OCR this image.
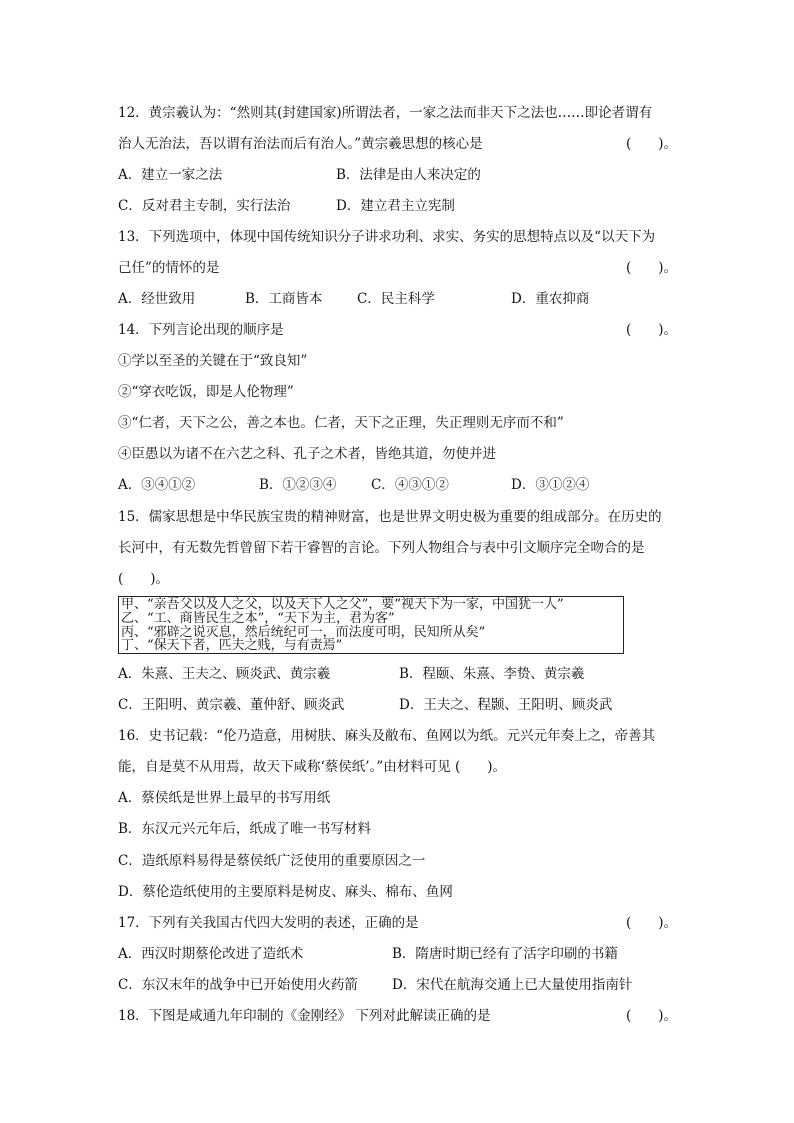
12．黄宗羲认为：“然则其(封建国家)所谓法者，一家之法而非天下之法也……即论者谓有
治人无治法，吾以谓有治法而后有治人。”黄宗羲思想的核心是	(　　)。
A．建立一家之法	B．法律是由人来决定的
C．反对君主专制，实行法治	D．建立君主立宪制
13．下列选项中，体现中国传统知识分子讲求功利、求实、务实的思想特点以及“以天下为
己任”的情怀的是	(　　)。
A．经世致用	B．工商皆本	C．民主科学	D．重农抑商
14．下列言论出现的顺序是	(　　)。
①学以至圣的关键在于“致良知”
②“穿衣吃饭，即是人伦物理”
③“仁者，天下之公，善之本也。仁者，天下之正理，失正理则无序而不和”
④臣愚以为诸不在六艺之科、孔子之术者，皆绝其道，勿使并进
A．③④①②	B．①②③④	C．④③①②	D．③①②④
15．儒家思想是中华民族宝贵的精神财富，也是世界文明史极为重要的组成部分。在历史的
长河中，有无数先哲曾留下若干睿智的言论。下列人物组合与表中引文顺序完全吻合的是
(　　)。
甲、“亲吾父以及人之父，以及天下人之父”，要“视天下为一家，中国犹一人”
乙、“工、商皆民生之本”，“天下为主，君为客”
丙、“邪辟之说灭息，然后统纪可一，而法度可明，民知所从矣”
丁、“保天下者，匹夫之贱，与有责焉”
A．朱熹、王夫之、顾炎武、黄宗羲	B．程颐、朱熹、李贽、黄宗羲
C．王阳明、黄宗羲、董仲舒、顾炎武	D．王夫之、程颢、王阳明、顾炎武
16．史书记载：“伦乃造意，用树肤、麻头及敝布、鱼网以为纸。元兴元年奏上之，帝善其
能，自是莫不从用焉，故天下咸称‘蔡侯纸’。”由材料可见 (　　)。
A．蔡侯纸是世界上最早的书写用纸
B．东汉元兴元年后，纸成了唯一书写材料
C．造纸原料易得是蔡侯纸广泛使用的重要原因之一
D．蔡伦造纸使用的主要原料是树皮、麻头、棉布、鱼网
17．下列有关我国古代四大发明的表述，正确的是	(　　)。
A．西汉时期蔡伦改进了造纸术	B．隋唐时期已经有了活字印刷的书籍
C．东汉末年的战争中已开始使用火药箭	D．宋代在航海交通上已大量使用指南针
18．下图是咸通九年印制的《金刚经》 下列对此解读正确的是	(　　)。
